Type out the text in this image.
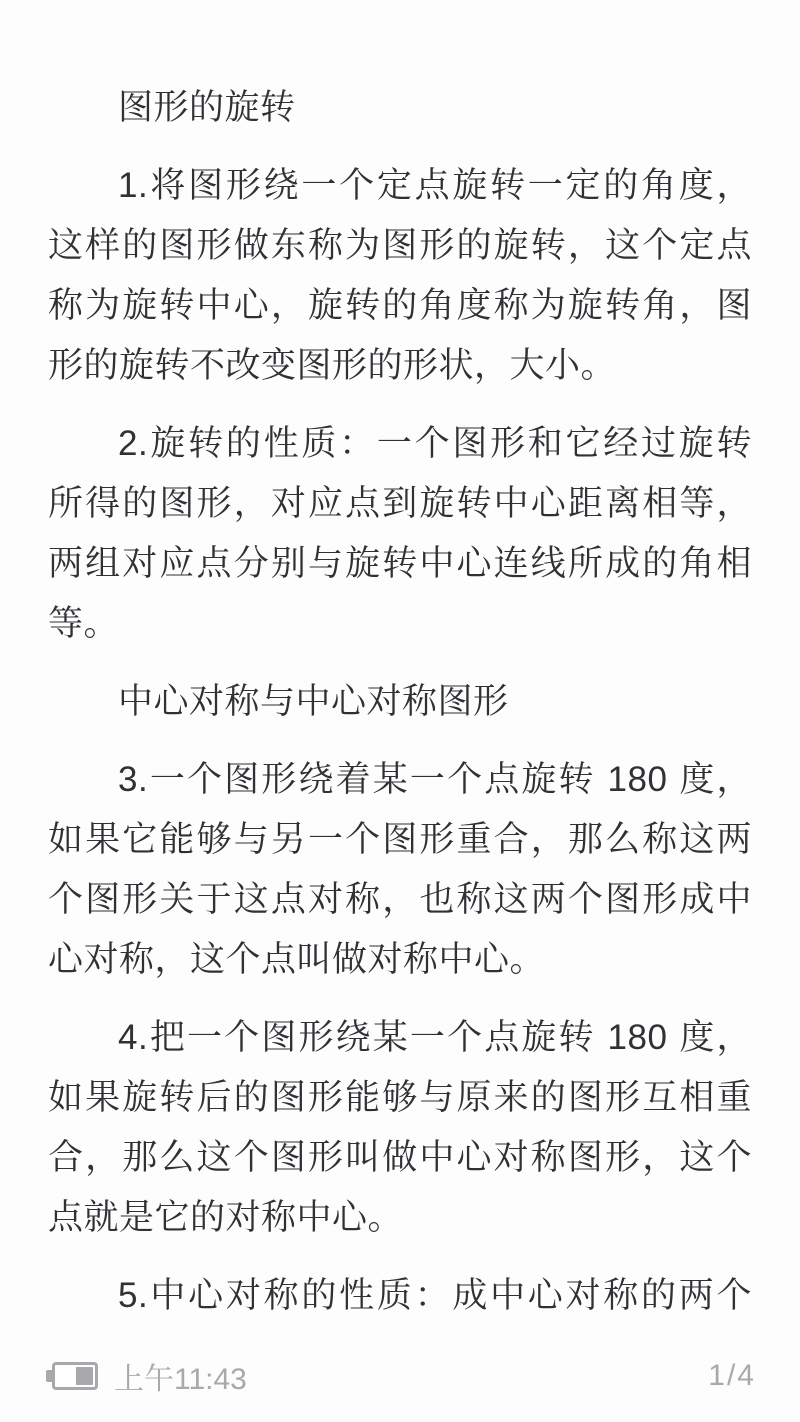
图形的旋转
1.将图形绕一个定点旋转一定的角度，
这样的图形做东称为图形的旋转，这个定点
称为旋转中心，旋转的角度称为旋转角，图
形的旋转不改变图形的形状，大小。
2.旋转的性质：一个图形和它经过旋转
所得的图形，对应点到旋转中心距离相等，
两组对应点分别与旋转中心连线所成的角相
等。
中心对称与中心对称图形
3.一个图形绕着某一个点旋转 180 度，
如果它能够与另一个图形重合，那么称这两
个图形关于这点对称，也称这两个图形成中
心对称，这个点叫做对称中心。
4.把一个图形绕某一个点旋转 180 度，
如果旋转后的图形能够与原来的图形互相重
合，那么这个图形叫做中心对称图形，这个
点就是它的对称中心。
5.中心对称的性质：成中心对称的两个
上午11:43	1/4
